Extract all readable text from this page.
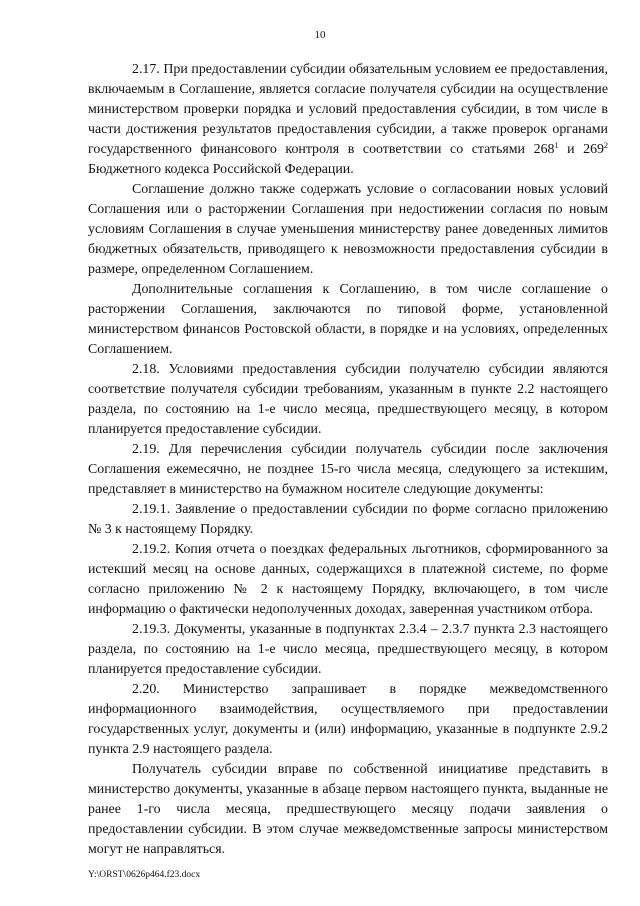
10

2.17. При предоставлении субсидии обязательным условием ее предоставления, включаемым в Соглашение, является согласие получателя субсидии на осуществление министерством проверки порядка и условий предоставления субсидии, в том числе в части достижения результатов предоставления субсидии, а также проверок органами государственного финансового контроля в соответствии со статьями $268^1$ и $269^2$ Бюджетного кодекса Российской Федерации.

Соглашение должно также содержать условие о согласовании новых условий Соглашения или о расторжении Соглашения при недостижении согласия по новым условиям Соглашения в случае уменьшения министерству ранее доведенных лимитов бюджетных обязательств, приводящего к невозможности предоставления субсидии в размере, определенном Соглашением.

Дополнительные соглашения к Соглашению, в том числе соглашение о расторжении Соглашения, заключаются по типовой форме, установленной министерством финансов Ростовской области, в порядке и на условиях, определенных Соглашением.

2.18. Условиями предоставления субсидии получателю субсидии являются соответствие получателя субсидии требованиям, указанным в пункте 2.2 настоящего раздела, по состоянию на 1-е число месяца, предшествующего месяцу, в котором планируется предоставление субсидии.

2.19. Для перечисления субсидии получатель субсидии после заключения Соглашения ежемесячно, не позднее 15-го числа месяца, следующего за истекшим, представляет в министерство на бумажном носителе следующие документы:

2.19.1. Заявление о предоставлении субсидии по форме согласно приложению № 3 к настоящему Порядку.

2.19.2. Копия отчета о поездках федеральных льготников, сформированного за истекший месяц на основе данных, содержащихся в платежной системе, по форме согласно приложению № 2 к настоящему Порядку, включающего, в том числе информацию о фактически недополученных доходах, заверенная участником отбора.

2.19.3. Документы, указанные в подпунктах 2.3.4 – 2.3.7 пункта 2.3 настоящего раздела, по состоянию на 1-е число месяца, предшествующего месяцу, в котором планируется предоставление субсидии.

2.20. Министерство запрашивает в порядке межведомственного информационного взаимодействия, осуществляемого при предоставлении государственных услуг, документы и (или) информацию, указанные в подпункте 2.9.2 пункта 2.9 настоящего раздела.

Получатель субсидии вправе по собственной инициативе представить в министерство документы, указанные в абзаце первом настоящего пункта, выданные не ранее 1-го числа месяца, предшествующего месяцу подачи заявления о предоставлении субсидии. В этом случае межведомственные запросы министерством могут не направляться.

Y:\ORST\0626p464.f23.docx
